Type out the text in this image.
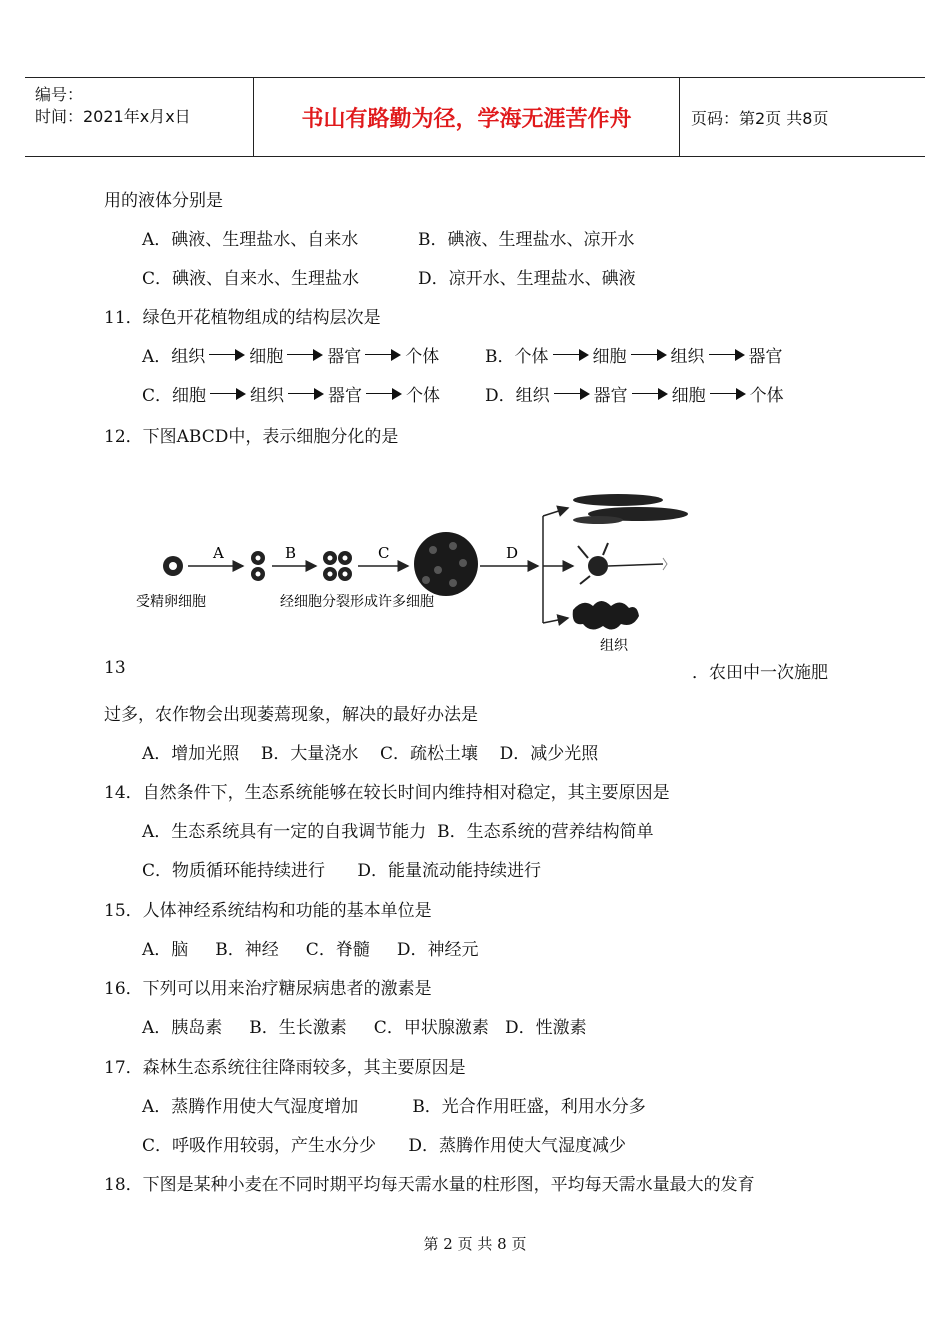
编号：
时间：2021年x月x日	书山有路勤为径，学海无涯苦作舟	页码：第2页 共8页
用的液体分别是
A．碘液、生理盐水、自来水	B．碘液、生理盐水、凉开水
C．碘液、自来水、生理盐水	D．凉开水、生理盐水、碘液
11．绿色开花植物组成的结构层次是
A．组织	细胞	器官	个体	B．个体	细胞	组织	器官
C．细胞	组织	器官	个体	D．组织	器官	细胞	个体
12．下图ABCD中，表示细胞分化的是
A	B	C	D
受精卵细胞	经细胞分裂形成许多细胞
组织
13	．农田中一次施肥
过多，农作物会出现萎蔫现象，解决的最好办法是
A．增加光照    B．大量浇水    C．疏松土壤    D．减少光照
14．自然条件下，生态系统能够在较长时间内维持相对稳定，其主要原因是
A．生态系统具有一定的自我调节能力  B．生态系统的营养结构简单
C．物质循环能持续进行      D．能量流动能持续进行
15．人体神经系统结构和功能的基本单位是
A．脑     B．神经     C．脊髓     D．神经元
16．下列可以用来治疗糖尿病患者的激素是
A．胰岛素     B．生长激素     C．甲状腺激素   D．性激素
17．森林生态系统往往降雨较多，其主要原因是
A．蒸腾作用使大气湿度增加          B．光合作用旺盛，利用水分多
C．呼吸作用较弱，产生水分少      D．蒸腾作用使大气湿度减少
18．下图是某种小麦在不同时期平均每天需水量的柱形图，平均每天需水量最大的发育
第 2 页 共 8 页
